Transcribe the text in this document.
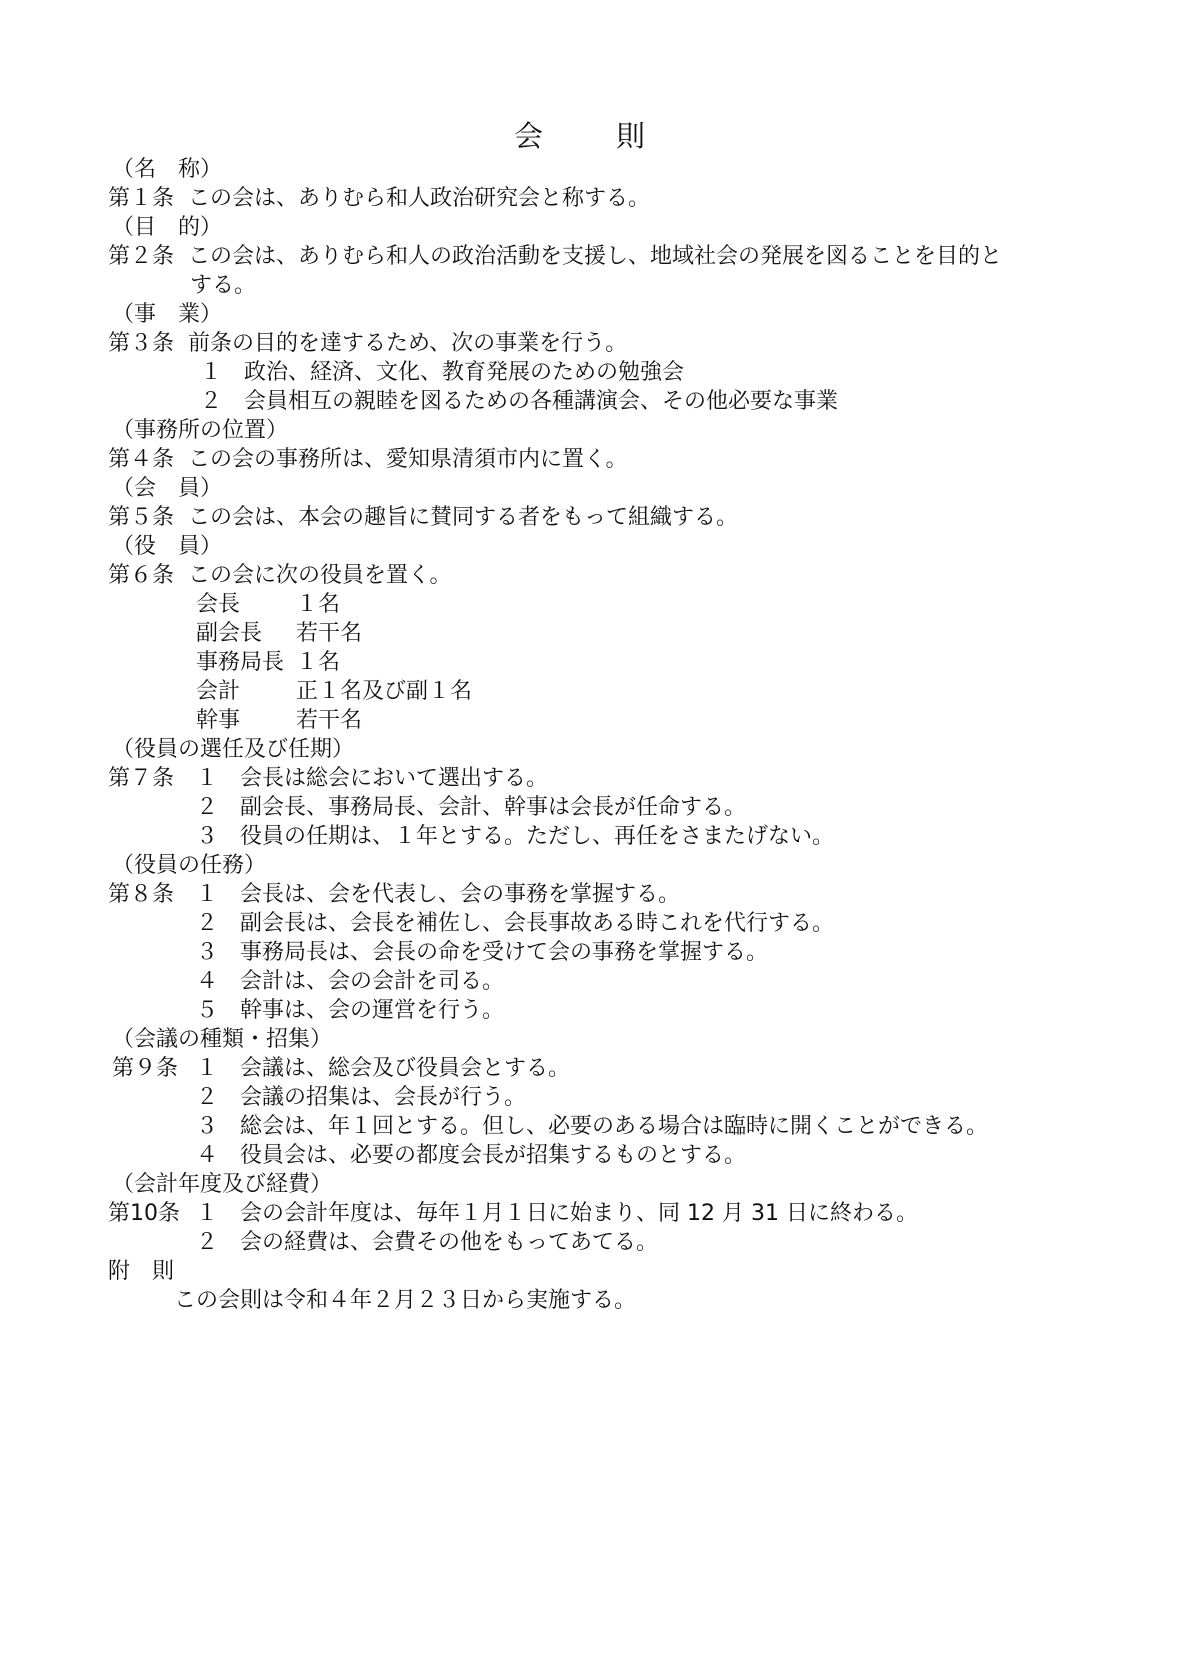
会　則
（名　称）
第１条 この会は、ありむら和人政治研究会と称する。
（目　的）
第２条 この会は、ありむら和人の政治活動を支援し、地域社会の発展を図ることを目的と
する。
（事　業）
第３条 前条の目的を達するため、次の事業を行う。
１　政治、経済、文化、教育発展のための勉強会
２　会員相互の親睦を図るための各種講演会、その他必要な事業
（事務所の位置）
第４条 この会の事務所は、愛知県清須市内に置く。
（会　員）
第５条 この会は、本会の趣旨に賛同する者をもって組織する。
（役　員）
第６条 この会に次の役員を置く。
会長	１名
副会長 若干名
事務局長 １名
会計	正１名及び副１名
幹事	若干名
（役員の選任及び任期）
第７条 １　会長は総会において選出する。
２　副会長、事務局長、会計、幹事は会長が任命する。
３　役員の任期は、１年とする。ただし、再任をさまたげない。
（役員の任務）
第８条 １　会長は、会を代表し、会の事務を掌握する。
２　副会長は、会長を補佐し、会長事故ある時これを代行する。
３　事務局長は、会長の命を受けて会の事務を掌握する。
４　会計は、会の会計を司る。
５　幹事は、会の運営を行う。
（会議の種類・招集）
第９条 １　会議は、総会及び役員会とする。
２　会議の招集は、会長が行う。
３　総会は、年１回とする。但し、必要のある場合は臨時に開くことができる。
４　役員会は、必要の都度会長が招集するものとする。
（会計年度及び経費）
第10条 １　会の会計年度は、毎年１月１日に始まり、同 12 月 31 日に終わる。
２　会の経費は、会費その他をもってあてる。
附　則
この会則は令和４年２月２３日から実施する。
